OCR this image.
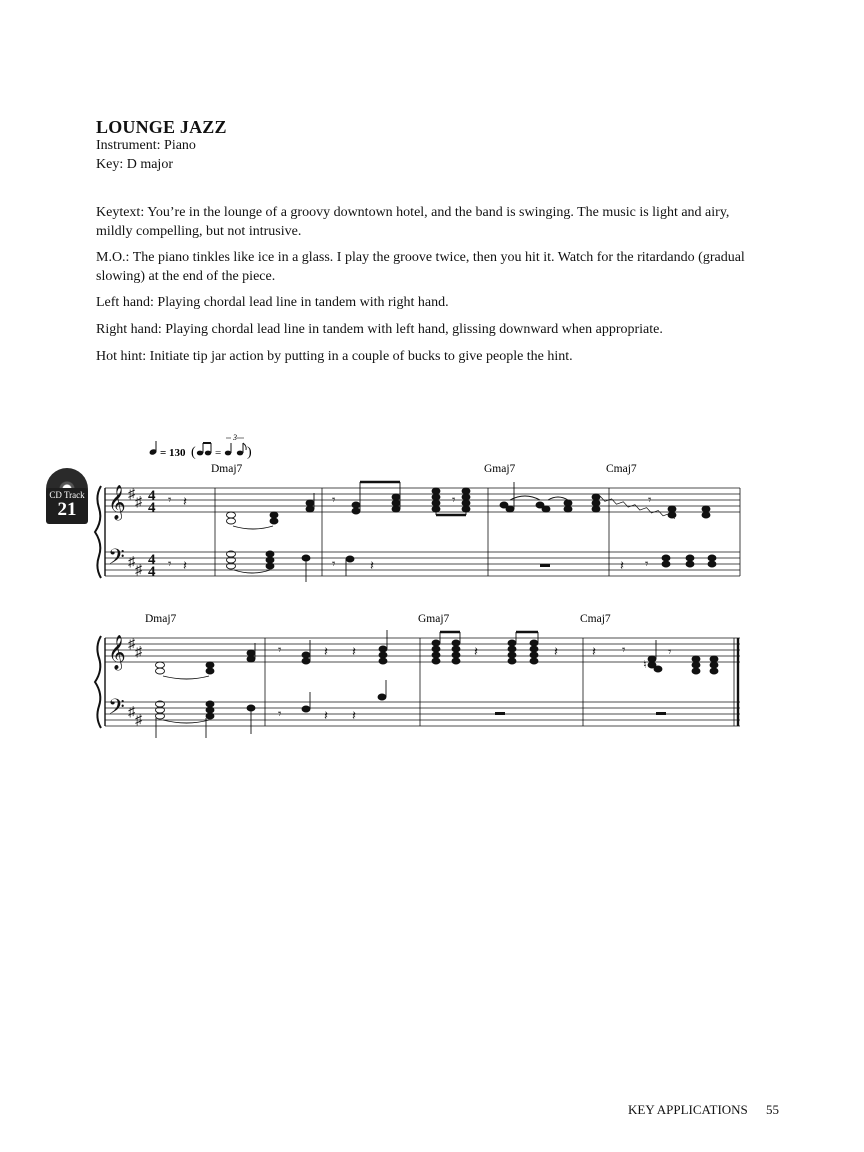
LOUNGE JAZZ
Instrument: Piano
Key: D major
Keytext: You’re in the lounge of a groovy downtown hotel, and the band is swinging. The music is light and airy, mildly compelling, but not intrusive.
M.O.: The piano tinkles like ice in a glass. I play the groove twice, then you hit it. Watch for the ritardando (gradual slowing) at the end of the piece.
Left hand: Playing chordal lead line in tandem with right hand.
Right hand: Playing chordal lead line in tandem with left hand, glissing downward when appropriate.
Hot hint: Initiate tip jar action by putting in a couple of bucks to give people the hint.
CD Track
21
= 130 ( =
3
)
Dmaj7	Gmaj7	Cmaj7
Dmaj7	Gmaj7	Cmaj7
𝄞
𝄢
𝄞
𝄢
♯
♯
♯
♯
♯
♯
♯
♯
4
4
4
4
𝄾 𝄽
𝄾 𝄽
𝄾	𝄾
𝄾	𝄽
𝄾
𝄽 𝄾
𝄾	𝄽 𝄽
𝄾	𝄽 𝄽
𝄽	𝄽	𝄽 𝄾
♮
𝄾
KEY APPLICATIONS 55
